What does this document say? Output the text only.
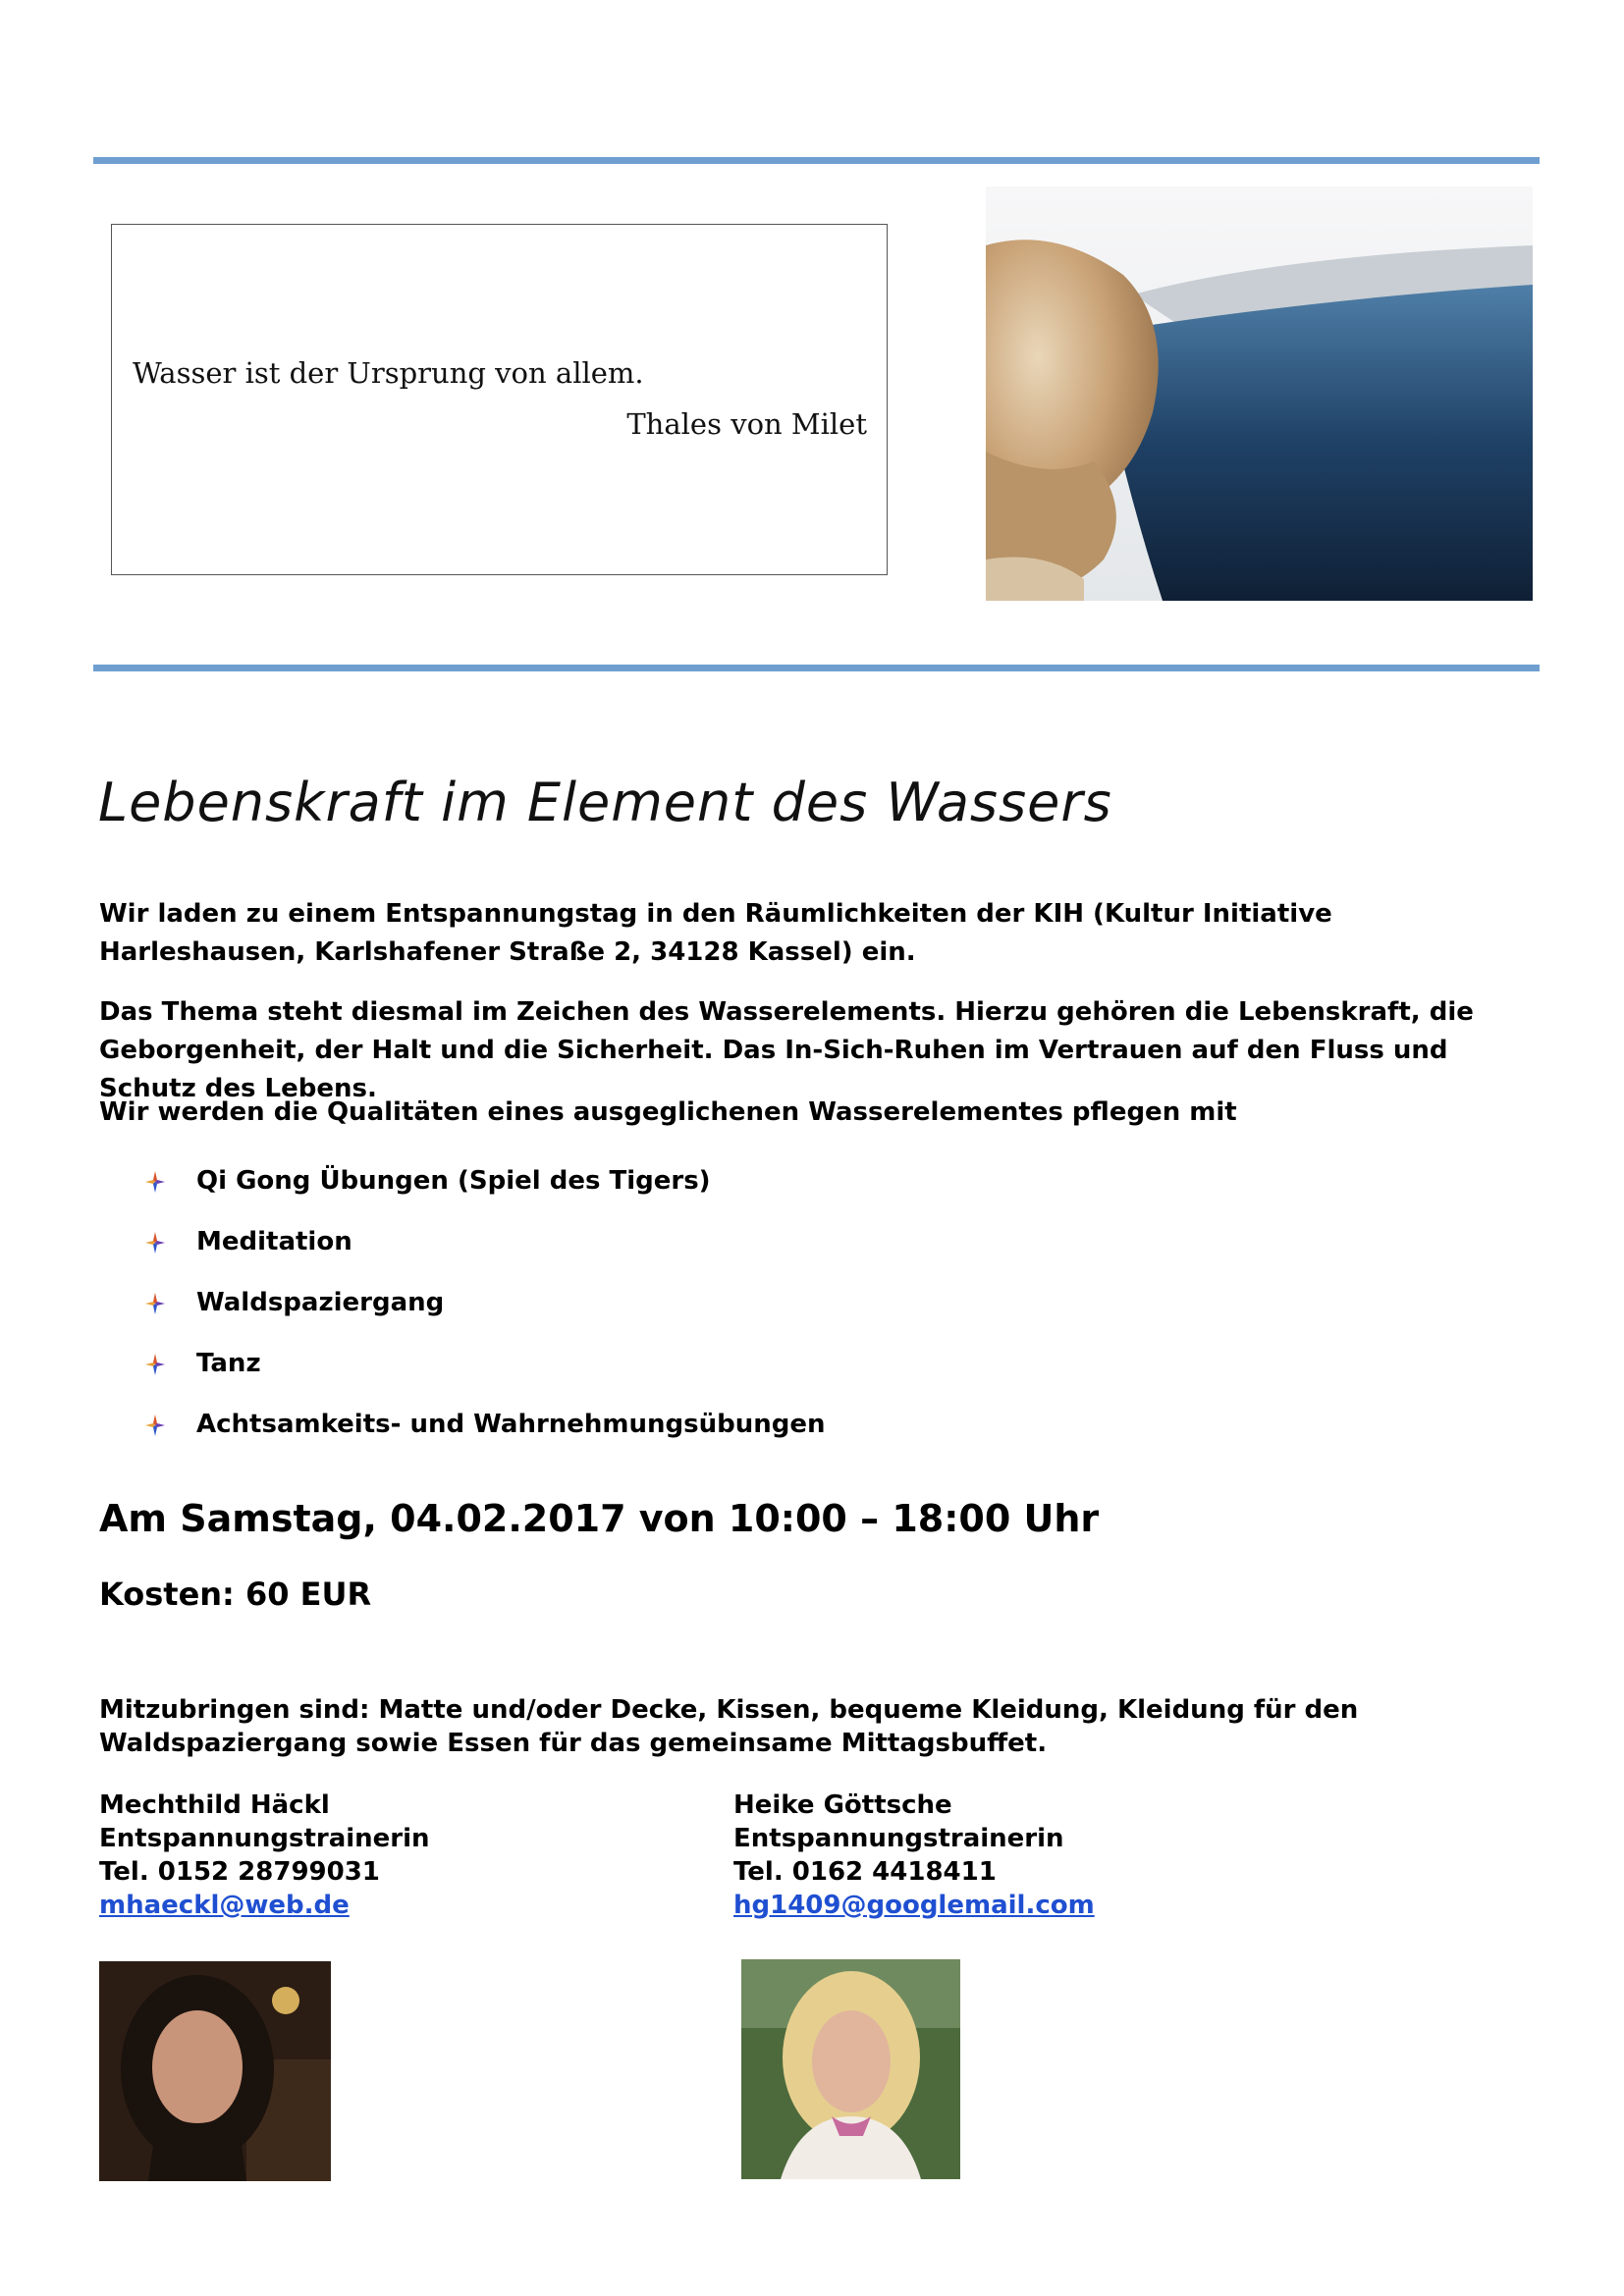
Wasser ist der Ursprung von allem.
Thales von Milet
Lebenskraft im Element des Wassers

Wir laden zu einem Entspannungstag in den Räumlichkeiten der KIH (Kultur Initiative Harleshausen, Karlshafener Straße 2, 34128 Kassel) ein.

Das Thema steht diesmal im Zeichen des Wasserelements. Hierzu gehören die Lebenskraft, die Geborgenheit, der Halt und die Sicherheit. Das In-Sich-Ruhen im Vertrauen auf den Fluss und Schutz des Lebens.

Wir werden die Qualitäten eines ausgeglichenen Wasserelementes pflegen mit

Qi Gong Übungen (Spiel des Tigers)
Meditation
Waldspaziergang
Tanz
Achtsamkeits- und Wahrnehmungsübungen
Am Samstag, 04.02.2017 von 10:00 – 18:00 Uhr
Kosten: 60 EUR

Mitzubringen sind: Matte und/oder Decke, Kissen, bequeme Kleidung, Kleidung für den Waldspaziergang sowie Essen für das gemeinsame Mittagsbuffet.

Mechthild Häckl
Entspannungstrainerin
Tel. 0152 28799031
mhaeckl@web.de
Heike Göttsche
Entspannungstrainerin
Tel. 0162 4418411
hg1409@googlemail.com
